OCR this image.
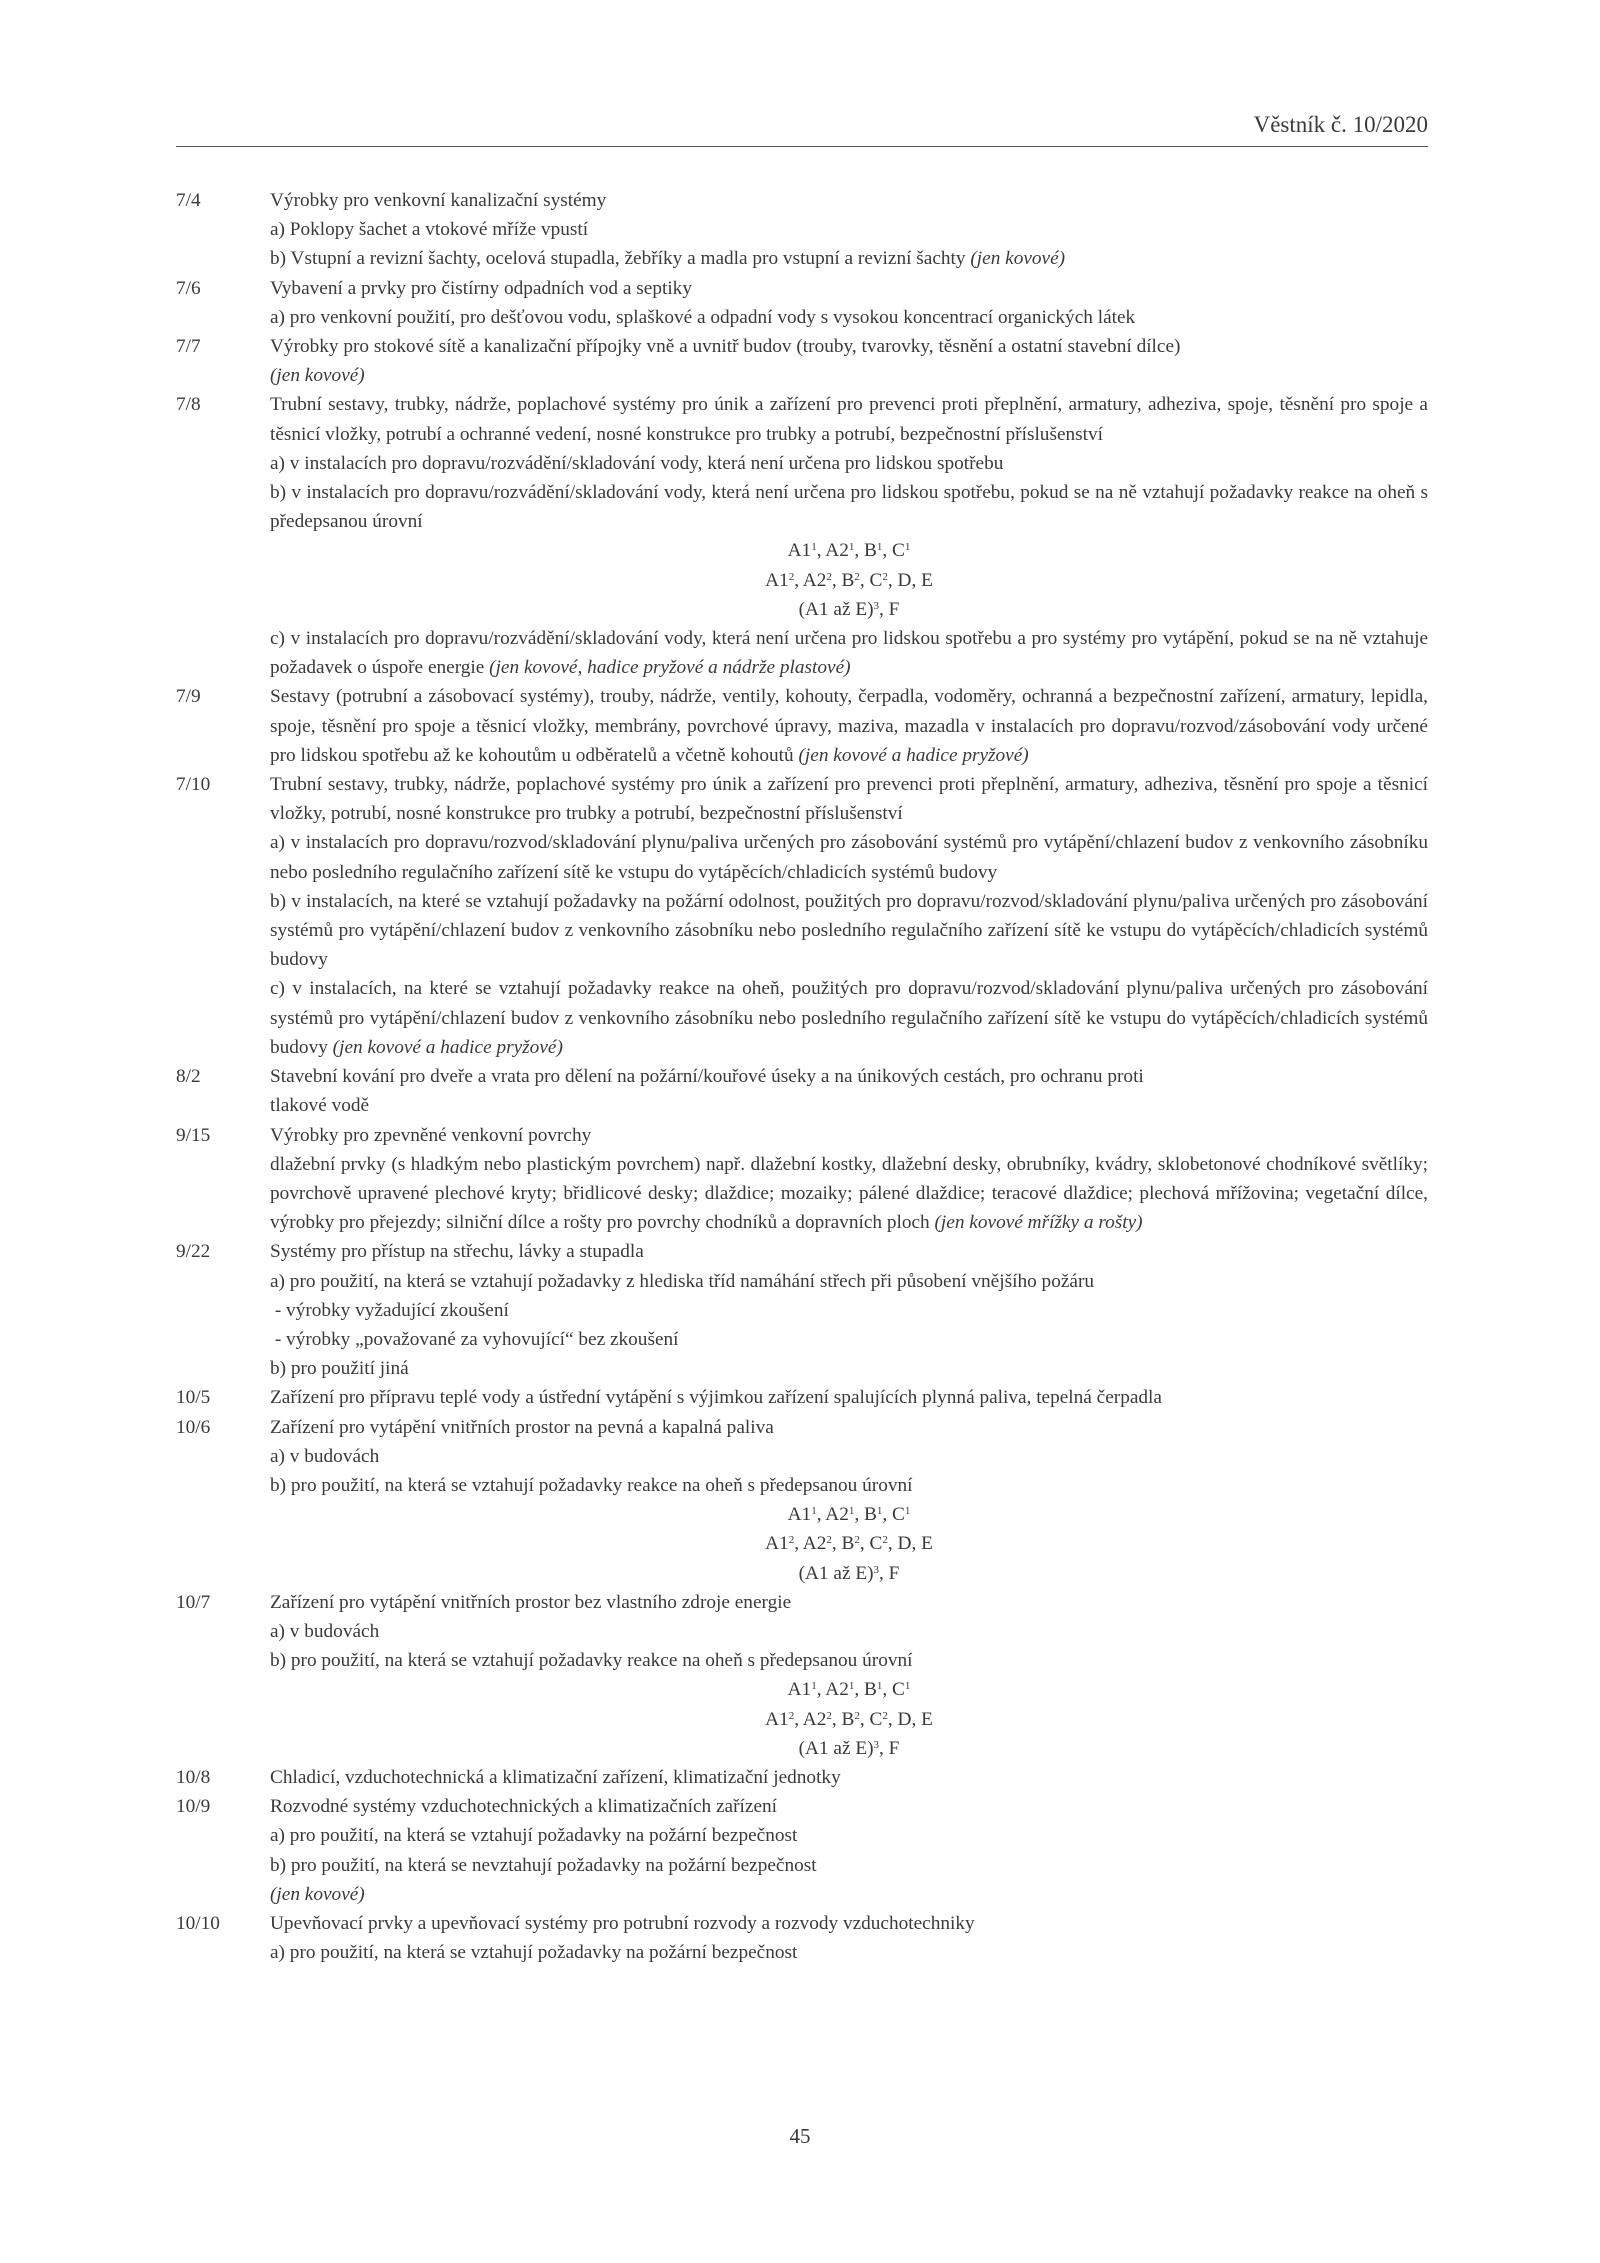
Věstník č. 10/2020
7/4	Výrobky pro venkovní kanalizační systémy
a) Poklopy šachet a vtokové mříže vpustí
b) Vstupní a revizní šachty, ocelová stupadla, žebříky a madla pro vstupní a revizní šachty (jen kovové)
7/6	Vybavení a prvky pro čistírny odpadních vod a septiky
a) pro venkovní použití, pro dešťovou vodu, splaškové a odpadní vody s vysokou koncentrací organických látek
7/7	Výrobky pro stokové sítě a kanalizační přípojky vně a uvnitř budov (trouby, tvarovky, těsnění a ostatní stavební dílce)
(jen kovové)
7/8	Trubní sestavy, trubky, nádrže, poplachové systémy pro únik a zařízení pro prevenci proti přeplnění, armatury, adheziva, spoje, těsnění pro spoje a těsnicí vložky, potrubí a ochranné vedení, nosné konstrukce pro trubky a potrubí, bezpečnostní příslušenství
a) v instalacích pro dopravu/rozvádění/skladování vody, která není určena pro lidskou spotřebu
b) v instalacích pro dopravu/rozvádění/skladování vody, která není určena pro lidskou spotřebu, pokud se na ně vztahují požadavky reakce na oheň s předepsanou úrovní
$A1^1$, $A2^1$, $B^1$, $C^1$
$A1^2$, $A2^2$, $B^2$, $C^2$, D, E
(A1 až E)$^3$, F
c) v instalacích pro dopravu/rozvádění/skladování vody, která není určena pro lidskou spotřebu a pro systémy pro vytápění, pokud se na ně vztahuje požadavek o úspoře energie (jen kovové, hadice pryžové a nádrže plastové)
7/9	Sestavy (potrubní a zásobovací systémy), trouby, nádrže, ventily, kohouty, čerpadla, vodoměry, ochranná a bezpečnostní zařízení, armatury, lepidla, spoje, těsnění pro spoje a těsnicí vložky, membrány, povrchové úpravy, maziva, mazadla v instalacích pro dopravu/rozvod/zásobování vody určené pro lidskou spotřebu až ke kohoutům u odběratelů a včetně kohoutů (jen kovové a hadice pryžové)
7/10	Trubní sestavy, trubky, nádrže, poplachové systémy pro únik a zařízení pro prevenci proti přeplnění, armatury, adheziva, těsnění pro spoje a těsnicí vložky, potrubí, nosné konstrukce pro trubky a potrubí, bezpečnostní příslušenství
a) v instalacích pro dopravu/rozvod/skladování plynu/paliva určených pro zásobování systémů pro vytápění/chlazení budov z venkovního zásobníku nebo posledního regulačního zařízení sítě ke vstupu do vytápěcích/chladicích systémů budovy
b) v instalacích, na které se vztahují požadavky na požární odolnost, použitých pro dopravu/rozvod/skladování plynu/paliva určených pro zásobování systémů pro vytápění/chlazení budov z venkovního zásobníku nebo posledního regulačního zařízení sítě ke vstupu do vytápěcích/chladicích systémů budovy
c) v instalacích, na které se vztahují požadavky reakce na oheň, použitých pro dopravu/rozvod/skladování plynu/paliva určených pro zásobování systémů pro vytápění/chlazení budov z venkovního zásobníku nebo posledního regulačního zařízení sítě ke vstupu do vytápěcích/chladicích systémů budovy (jen kovové a hadice pryžové)
8/2	Stavební kování pro dveře a vrata pro dělení na požární/kouřové úseky a na únikových cestách, pro ochranu proti tlakové vodě
9/15	Výrobky pro zpevněné venkovní povrchy
dlažební prvky (s hladkým nebo plastickým povrchem) např. dlažební kostky, dlažební desky, obrubníky, kvádry, sklobetonové chodníkové světlíky; povrchově upravené plechové kryty; břidlicové desky; dlaždice; mozaiky; pálené dlaždice; teracové dlaždice; plechová mřížovina; vegetační dílce, výrobky pro přejezdy; silniční dílce a rošty pro povrchy chodníků a dopravních ploch (jen kovové mřížky a rošty)
9/22	Systémy pro přístup na střechu, lávky a stupadla
a) pro použití, na která se vztahují požadavky z hlediska tříd namáhání střech při působení vnějšího požáru
- výrobky vyžadující zkoušení
- výrobky „považované za vyhovující“ bez zkoušení
b) pro použití jiná
10/5	Zařízení pro přípravu teplé vody a ústřední vytápění s výjimkou zařízení spalujících plynná paliva, tepelná čerpadla
10/6	Zařízení pro vytápění vnitřních prostor na pevná a kapalná paliva
a) v budovách
b) pro použití, na která se vztahují požadavky reakce na oheň s předepsanou úrovní
$A1^1$, $A2^1$, $B^1$, $C^1$
$A1^2$, $A2^2$, $B^2$, $C^2$, D, E
(A1 až E)$^3$, F
10/7	Zařízení pro vytápění vnitřních prostor bez vlastního zdroje energie
a) v budovách
b) pro použití, na která se vztahují požadavky reakce na oheň s předepsanou úrovní
$A1^1$, $A2^1$, $B^1$, $C^1$
$A1^2$, $A2^2$, $B^2$, $C^2$, D, E
(A1 až E)$^3$, F
10/8	Chladicí, vzduchotechnická a klimatizační zařízení, klimatizační jednotky
10/9	Rozvodné systémy vzduchotechnických a klimatizačních zařízení
a) pro použití, na která se vztahují požadavky na požární bezpečnost
b) pro použití, na která se nevztahují požadavky na požární bezpečnost
(jen kovové)
10/10	Upevňovací prvky a upevňovací systémy pro potrubní rozvody a rozvody vzduchotechniky
a) pro použití, na která se vztahují požadavky na požární bezpečnost
45
